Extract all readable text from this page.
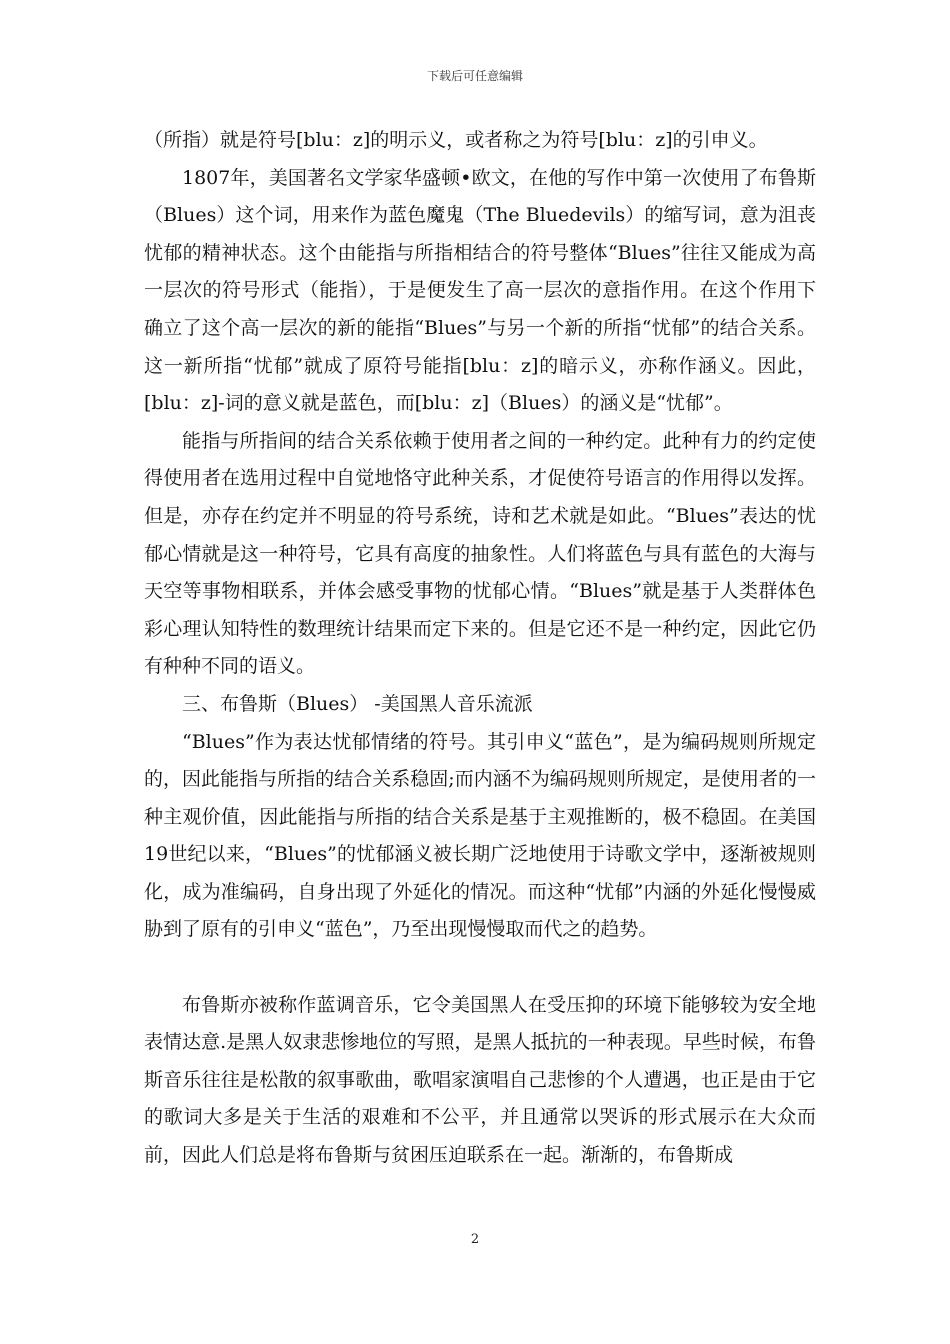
下载后可任意编辑

（所指）就是符号[blu：z]的明示义，或者称之为符号[blu：z]的引申义。

1807年，美国著名文学家华盛顿•欧文，在他的写作中第一次使用了布鲁斯（Blues）这个词，用来作为蓝色魔鬼（The Bluedevils）的缩写词，意为沮丧忧郁的精神状态。这个由能指与所指相结合的符号整体“Blues”往往又能成为高一层次的符号形式（能指），于是便发生了高一层次的意指作用。在这个作用下确立了这个高一层次的新的能指“Blues”与另一个新的所指“忧郁”的结合关系。这一新所指“忧郁”就成了原符号能指[blu：z]的暗示义，亦称作涵义。因此，[blu：z]-词的意义就是蓝色，而[blu：z]（Blues）的涵义是“忧郁”。

能指与所指间的结合关系依赖于使用者之间的一种约定。此种有力的约定使得使用者在选用过程中自觉地恪守此种关系，才促使符号语言的作用得以发挥。但是，亦存在约定并不明显的符号系统，诗和艺术就是如此。“Blues”表达的忧郁心情就是这一种符号，它具有高度的抽象性。人们将蓝色与具有蓝色的大海与天空等事物相联系，并体会感受事物的忧郁心情。“Blues”就是基于人类群体色彩心理认知特性的数理统计结果而定下来的。但是它还不是一种约定，因此它仍有种种不同的语义。

三、布鲁斯（Blues） -美国黑人音乐流派

“Blues”作为表达忧郁情绪的符号。其引申义“蓝色”，是为编码规则所规定的，因此能指与所指的结合关系稳固;而内涵不为编码规则所规定，是使用者的一种主观价值，因此能指与所指的结合关系是基于主观推断的，极不稳固。在美国19世纪以来，“Blues”的忧郁涵义被长期广泛地使用于诗歌文学中，逐渐被规则化，成为准编码，自身出现了外延化的情况。而这种“忧郁”内涵的外延化慢慢威胁到了原有的引申义“蓝色”，乃至出现慢慢取而代之的趋势。

布鲁斯亦被称作蓝调音乐，它令美国黑人在受压抑的环境下能够较为安全地表情达意.是黑人奴隶悲惨地位的写照，是黑人抵抗的一种表现。早些时候，布鲁斯音乐往往是松散的叙事歌曲，歌唱家演唱自己悲惨的个人遭遇，也正是由于它的歌词大多是关于生活的艰难和不公平，并且通常以哭诉的形式展示在大众而前，因此人们总是将布鲁斯与贫困压迫联系在一起。渐渐的，布鲁斯成

2
